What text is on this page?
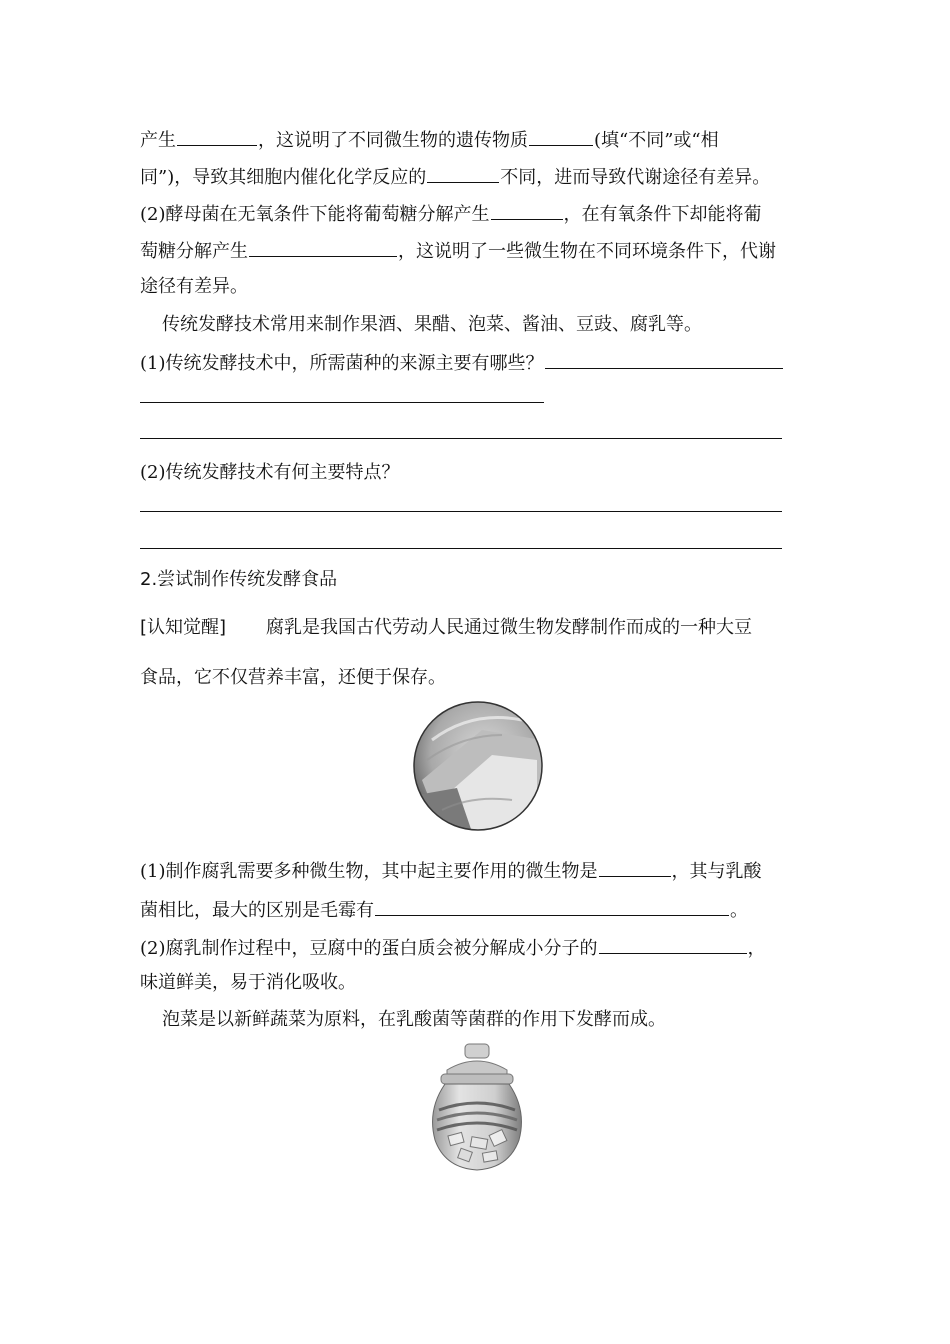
产生	，这说明了不同微生物的遗传物质	(填“不同”或“相
同”)，导致其细胞内催化化学反应的	不同，进而导致代谢途径有差异。
(2)酵母菌在无氧条件下能将葡萄糖分解产生	，在有氧条件下却能将葡
萄糖分解产生	，这说明了一些微生物在不同环境条件下，代谢
途径有差异。
传统发酵技术常用来制作果酒、果醋、泡菜、酱油、豆豉、腐乳等。
(1)传统发酵技术中，所需菌种的来源主要有哪些？
(2)传统发酵技术有何主要特点？
2.尝试制作传统发酵食品
[认知觉醒] 腐乳是我国古代劳动人民通过微生物发酵制作而成的一种大豆
食品，它不仅营养丰富，还便于保存。
(1)制作腐乳需要多种微生物，其中起主要作用的微生物是	，其与乳酸
菌相比，最大的区别是毛霉有	。
(2)腐乳制作过程中，豆腐中的蛋白质会被分解成小分子的	，
味道鲜美，易于消化吸收。
泡菜是以新鲜蔬菜为原料，在乳酸菌等菌群的作用下发酵而成。
